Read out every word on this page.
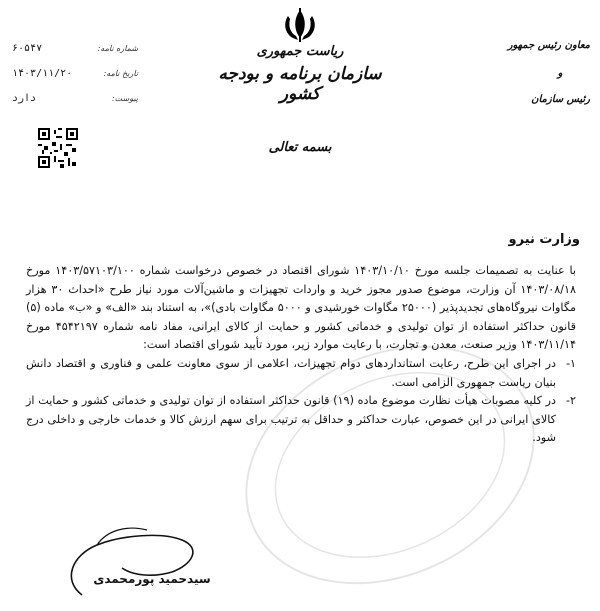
معاون رئیس جمهور
و
رئیس سازمان
ریاست جمهوری
سازمان برنامه و بودجه کشور
شماره نامه:
۶۰۵۴۷
تاریخ نامه:
۱۴۰۳/۱۱/۲۰
پیوست:
دارد
بسمه تعالی
وزارت نیرو

با عنایت به تصمیمات جلسه مورخ ۱۴۰۳/۱۰/۱۰ شورای اقتصاد در خصوص درخواست شماره ۱۴۰۳/۵۷۱۰۳/۱۰۰ مورخ ۱۴۰۳/۰۸/۱۸ آن وزارت، موضوع صدور مجوز خرید و واردات تجهیزات و ماشین‌آلات مورد نیاز طرح «احداث ۳۰ هزار مگاوات نیروگاه‌های تجدیدپذیر (۲۵۰۰۰ مگاوات خورشیدی و ۵۰۰۰ مگاوات بادی)»، به استناد بند «الف» و «ب» ماده (۵) قانون حداکثر استفاده از توان تولیدی و خدماتی کشور و حمایت از کالای ایرانی، مفاد نامه شماره ۴۵۴۲۱۹۷ مورخ ۱۴۰۳/۱۱/۱۴ وزیر صنعت، معدن و تجارت، با رعایت موارد زیر، مورد تأیید شورای اقتصاد است:

۱-
در اجرای این طرح، رعایت استانداردهای دوام تجهیزات، اعلامی از سوی معاونت علمی و فناوری و اقتصاد دانش بنیان ریاست جمهوری الزامی است.
۲-
در کلیه مصوبات هیأت نظارت موضوع ماده (۱۹) قانون حداکثر استفاده از توان تولیدی و خدماتی کشور و حمایت از کالای ایرانی در این خصوص، عبارت حداکثر و حداقل به ترتیب برای سهم ارزش کالا و خدمات خارجی و داخلی درج شود.
سیدحمید پورمحمدی
